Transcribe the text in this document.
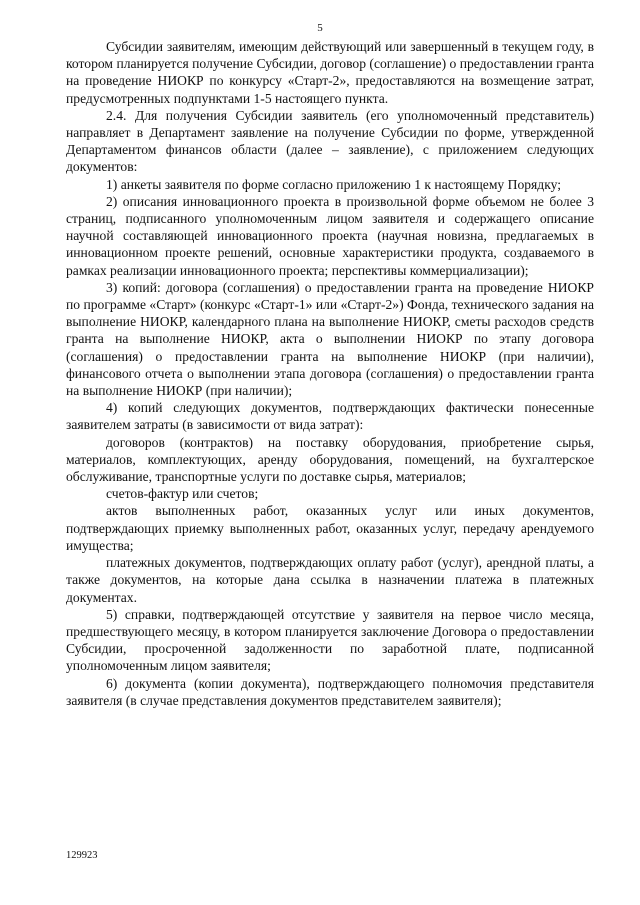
5

Субсидии заявителям, имеющим действующий или завершенный в текущем году, в котором планируется получение Субсидии, договор (соглашение) о предоставлении гранта на проведение НИОКР по конкурсу «Старт-2», предоставляются на возмещение затрат, предусмотренных подпунктами 1-5 настоящего пункта.

2.4. Для получения Субсидии заявитель (его уполномоченный представитель) направляет в Департамент заявление на получение Субсидии по форме, утвержденной Департаментом финансов области (далее – заявление), с приложением следующих документов:

1) анкеты заявителя по форме согласно приложению 1 к настоящему Порядку;

2) описания инновационного проекта в произвольной форме объемом не более 3 страниц, подписанного уполномоченным лицом заявителя и содержащего описание научной составляющей инновационного проекта (научная новизна, предлагаемых в инновационном проекте решений, основные характеристики продукта, создаваемого в рамках реализации инновационного проекта; перспективы коммерциализации);

3) копий: договора (соглашения) о предоставлении гранта на проведение НИОКР по программе «Старт» (конкурс «Старт-1» или «Старт-2») Фонда, технического задания на выполнение НИОКР, календарного плана на выполнение НИОКР, сметы расходов средств гранта на выполнение НИОКР, акта о выполнении НИОКР по этапу договора (соглашения) о предоставлении гранта на выполнение НИОКР (при наличии), финансового отчета о выполнении этапа договора (соглашения) о предоставлении гранта на выполнение НИОКР (при наличии);

4) копий следующих документов, подтверждающих фактически понесенные заявителем затраты (в зависимости от вида затрат):

договоров (контрактов) на поставку оборудования, приобретение сырья, материалов, комплектующих, аренду оборудования, помещений, на бухгалтерское обслуживание, транспортные услуги по доставке сырья, материалов;

счетов-фактур или счетов;

актов выполненных работ, оказанных услуг или иных документов, подтверждающих приемку выполненных работ, оказанных услуг, передачу арендуемого имущества;

платежных документов, подтверждающих оплату работ (услуг), арендной платы, а также документов, на которые дана ссылка в назначении платежа в платежных документах.

5) справки, подтверждающей отсутствие у заявителя на первое число месяца, предшествующего месяцу, в котором планируется заключение Договора о предоставлении Субсидии, просроченной задолженности по заработной плате, подписанной уполномоченным лицом заявителя;

6) документа (копии документа), подтверждающего полномочия представителя заявителя (в случае представления документов представителем заявителя);

129923
